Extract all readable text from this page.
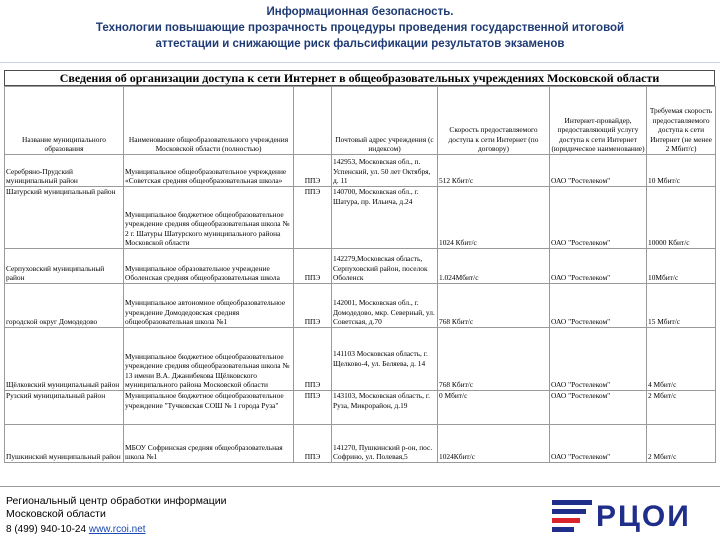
Информационная безопасность.
Технологии повышающие прозрачность процедуры проведения государственной итоговой
аттестации и снижающие риск фальсификации результатов экзаменов
Сведения об организации доступа к сети Интернет в общеобразовательных учреждениях Московской области
Название муниципального образования	Наименование общеобразовательного учреждения Московской области (полностью)		Почтовый адрес учреждения (с индексом)	Скорость предоставляемого доступа к сети Интернет (по договору)	Интернет-провайдер, предоставляющий услугу доступа к сети Интернет (юридическое наименование)	Требуемая скорость предоставляемого доступа к сети Интернет (не менее 2 Мбит/с)
Серебряно-Прудский муниципальный район	Муниципальное общеобразовательное учреждение «Советская средняя общеобразовательная школа»	ППЭ	142953, Московская обл., п. Успенский, ул. 50 лет Октября, д. 11	512 Кбит/с	ОАО "Ростелеком"	10 Мбит/с
Шатурский муниципальный район	Муниципальное бюджетное общеобразовательное учреждение средняя общеобразовательная школа № 2 г. Шатуры Шатурского муниципального района Московской области	ППЭ	140700, Московская обл., г. Шатура, пр. Ильича, д.24	1024 Кбит/с	ОАО "Ростелеком"	10000 Кбит/с
Серпуховский муниципальный район	Муниципальное образовательное учреждение Оболенская средняя общеобразовательная школа	ППЭ	142279,Московская область, Серпуховский район, поселок Оболенск	1.024Мбит/с	ОАО "Ростелеком"	10Мбит/с
городской округ Домодедово	Муниципальное автономное общеобразовательное учреждение Домодедовская средняя общеобразовательная школа №1	ППЭ	142001, Московская обл., г. Домодедово, мкр. Северный, ул. Советская, д.70	768 Кбит/с	ОАО "Ростелеком"	15 Мбит/с
Щёлковский муниципальный район	Муниципальное бюджетное общеобразовательное учреждение средняя общеобразовательная школа № 13 имени В.А. Джанибекова Щёлковского муниципального района Московской области	ППЭ	141103 Московская область, г. Щелково-4, ул. Беляева, д. 14	768 Кбит/с	ОАО "Ростелеком"	4 Мбит/с
Рузский муниципальный район	Муниципальное бюджетное общеобразовательное учреждение "Тучковская СОШ № 1 города Руза"	ППЭ	143103, Московская область, г. Руза, Микрорайон, д.19	0 Мбит/с	ОАО "Ростелеком"	2 Мбит/с
Пушкинский муниципальный район	МБОУ Софринская средняя общеобразовательная школа №1	ППЭ	141270, Пушкинский р-он, пос. Софрино, ул. Полевая,5	1024Кбит/с	ОАО "Ростелеком"	2 Мбит/с
Региональный центр обработки информации
Московской области
8 (499) 940-10-24 www.rcoi.net	РЦОИ
